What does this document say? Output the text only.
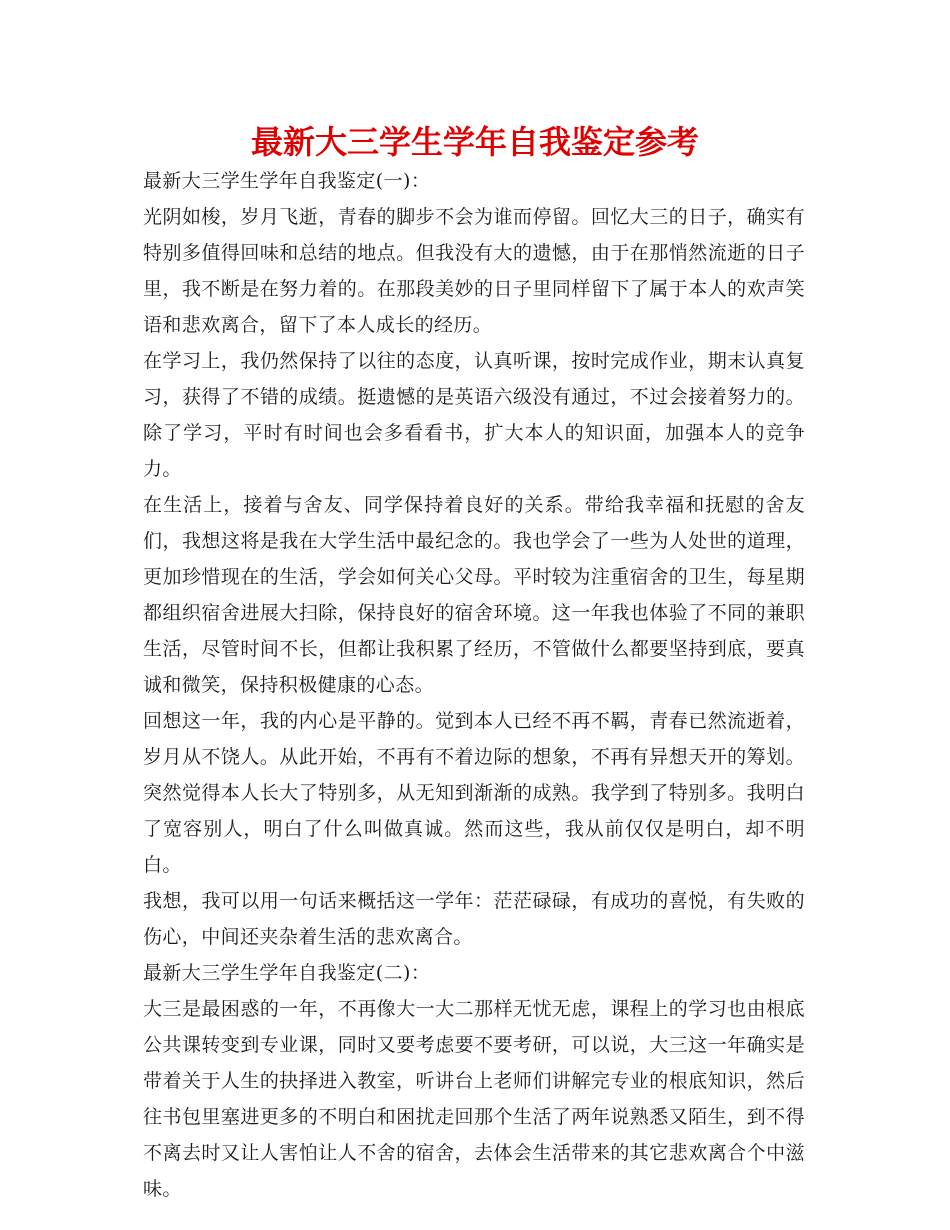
最新大三学生学年自我鉴定参考

最新大三学生学年自我鉴定(一)：

光阴如梭，岁月飞逝，青春的脚步不会为谁而停留。回忆大三的日子，确实有特别多值得回味和总结的地点。但我没有大的遗憾，由于在那悄然流逝的日子里，我不断是在努力着的。在那段美妙的日子里同样留下了属于本人的欢声笑语和悲欢离合，留下了本人成长的经历。

在学习上，我仍然保持了以往的态度，认真听课，按时完成作业，期末认真复习，获得了不错的成绩。挺遗憾的是英语六级没有通过，不过会接着努力的。除了学习，平时有时间也会多看看书，扩大本人的知识面，加强本人的竞争力。

在生活上，接着与舍友、同学保持着良好的关系。带给我幸福和抚慰的舍友们，我想这将是我在大学生活中最纪念的。我也学会了一些为人处世的道理，更加珍惜现在的生活，学会如何关心父母。平时较为注重宿舍的卫生，每星期都组织宿舍进展大扫除，保持良好的宿舍环境。这一年我也体验了不同的兼职生活，尽管时间不长，但都让我积累了经历，不管做什么都要坚持到底，要真诚和微笑，保持积极健康的心态。

回想这一年，我的内心是平静的。觉到本人已经不再不羁，青春已然流逝着，岁月从不饶人。从此开始，不再有不着边际的想象，不再有异想天开的筹划。突然觉得本人长大了特别多，从无知到渐渐的成熟。我学到了特别多。我明白了宽容别人，明白了什么叫做真诚。然而这些，我从前仅仅是明白，却不明白。

我想，我可以用一句话来概括这一学年：茫茫碌碌，有成功的喜悦，有失败的伤心，中间还夹杂着生活的悲欢离合。

最新大三学生学年自我鉴定(二)：

大三是最困惑的一年，不再像大一大二那样无忧无虑，课程上的学习也由根底公共课转变到专业课，同时又要考虑要不要考研，可以说，大三这一年确实是带着关于人生的抉择进入教室，听讲台上老师们讲解完专业的根底知识，然后往书包里塞进更多的不明白和困扰走回那个生活了两年说熟悉又陌生，到不得不离去时又让人害怕让人不舍的宿舍，去体会生活带来的其它悲欢离合个中滋味。
